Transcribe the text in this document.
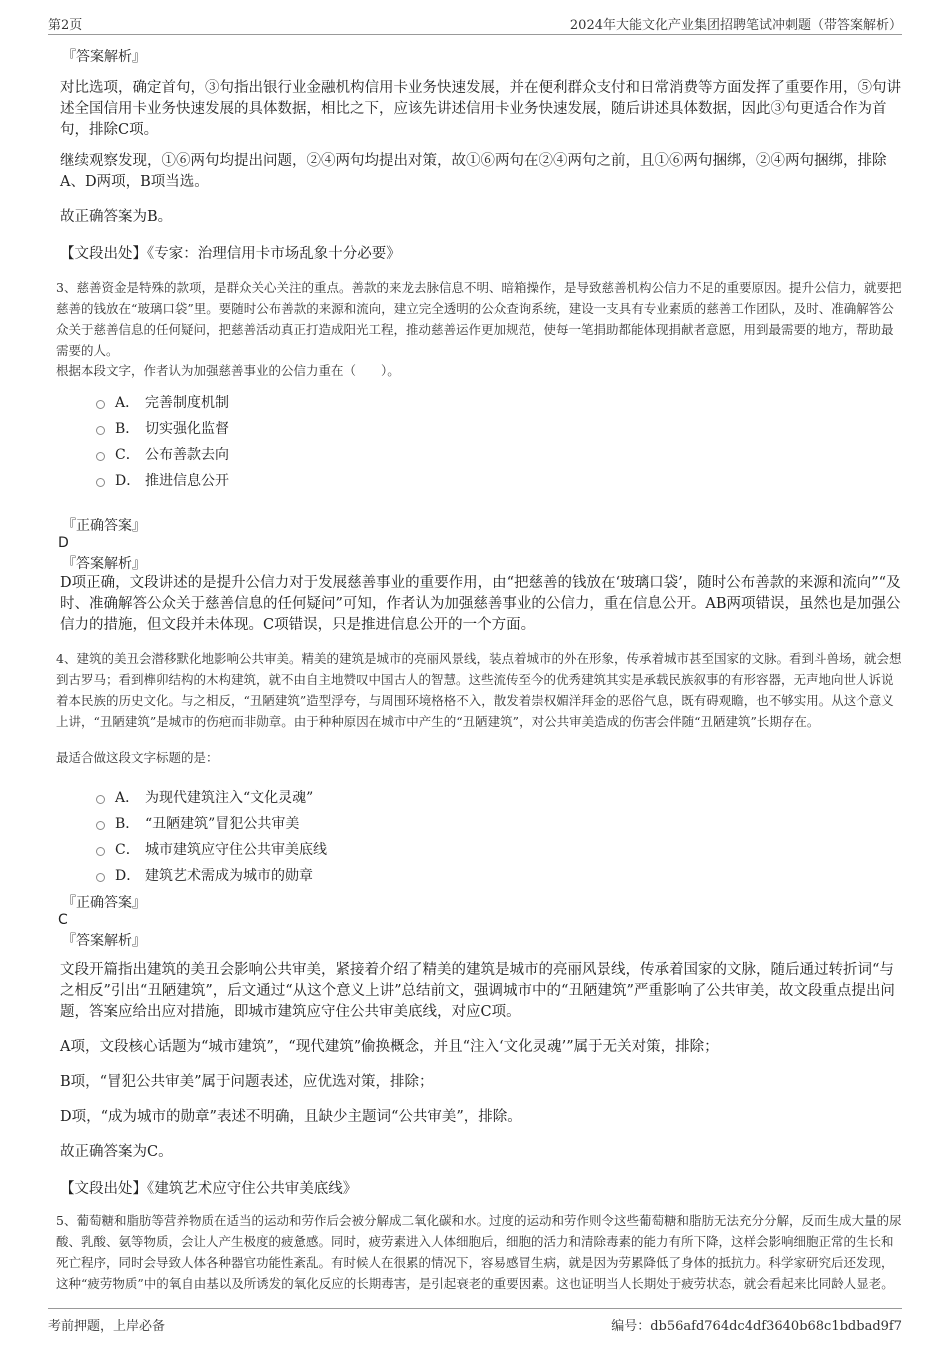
第2页	2024年大能文化产业集团招聘笔试冲刺题（带答案解析）
『答案解析』

对比选项，确定首句，③句指出银行业金融机构信用卡业务快速发展，并在便利群众支付和日常消费等方面发挥了重要作用，⑤句讲述全国信用卡业务快速发展的具体数据，相比之下，应该先讲述信用卡业务快速发展，随后讲述具体数据，因此③句更适合作为首句，排除C项。

继续观察发现，①⑥两句均提出问题，②④两句均提出对策，故①⑥两句在②④两句之前，且①⑥两句捆绑，②④两句捆绑，排除A、D两项，B项当选。

故正确答案为B。

【文段出处】《专家：治理信用卡市场乱象十分必要》

3、慈善资金是特殊的款项，是群众关心关注的重点。善款的来龙去脉信息不明、暗箱操作，是导致慈善机构公信力不足的重要原因。提升公信力，就要把慈善的钱放在“玻璃口袋”里。要随时公布善款的来源和流向，建立完全透明的公众查询系统，建设一支具有专业素质的慈善工作团队，及时、准确解答公众关于慈善信息的任何疑问，把慈善活动真正打造成阳光工程，推动慈善运作更加规范，使每一笔捐助都能体现捐献者意愿，用到最需要的地方，帮助最需要的人。

根据本段文字，作者认为加强慈善事业的公信力重在（　　）。

A． 完善制度机制
B． 切实强化监督
C． 公布善款去向
D． 推进信息公开
『正确答案』
D
『答案解析』

D项正确，文段讲述的是提升公信力对于发展慈善事业的重要作用，由“把慈善的钱放在‘玻璃口袋’，随时公布善款的来源和流向”“及时、准确解答公众关于慈善信息的任何疑问”可知，作者认为加强慈善事业的公信力，重在信息公开。AB两项错误，虽然也是加强公信力的措施，但文段并未体现。C项错误，只是推进信息公开的一个方面。

4、建筑的美丑会潜移默化地影响公共审美。精美的建筑是城市的亮丽风景线，装点着城市的外在形象，传承着城市甚至国家的文脉。看到斗兽场，就会想到古罗马；看到榫卯结构的木构建筑，就不由自主地赞叹中国古人的智慧。这些流传至今的优秀建筑其实是承载民族叙事的有形容器，无声地向世人诉说着本民族的历史文化。与之相反，“丑陋建筑”造型浮夸，与周围环境格格不入，散发着崇权媚洋拜金的恶俗气息，既有碍观瞻，也不够实用。从这个意义上讲，“丑陋建筑”是城市的伤疤而非勋章。由于种种原因在城市中产生的“丑陋建筑”，对公共审美造成的伤害会伴随“丑陋建筑”长期存在。

最适合做这段文字标题的是：

A． 为现代建筑注入“文化灵魂”
B． “丑陋建筑”冒犯公共审美
C． 城市建筑应守住公共审美底线
D． 建筑艺术需成为城市的勋章
『正确答案』
C
『答案解析』

文段开篇指出建筑的美丑会影响公共审美，紧接着介绍了精美的建筑是城市的亮丽风景线，传承着国家的文脉，随后通过转折词“与之相反”引出“丑陋建筑”，后文通过“从这个意义上讲”总结前文，强调城市中的“丑陋建筑”严重影响了公共审美，故文段重点提出问题，答案应给出应对措施，即城市建筑应守住公共审美底线，对应C项。

A项，文段核心话题为“城市建筑”，“现代建筑”偷换概念，并且“注入‘文化灵魂’”属于无关对策，排除；

B项，“冒犯公共审美”属于问题表述，应优选对策，排除；

D项，“成为城市的勋章”表述不明确，且缺少主题词“公共审美”，排除。

故正确答案为C。

【文段出处】《建筑艺术应守住公共审美底线》

5、葡萄糖和脂肪等营养物质在适当的运动和劳作后会被分解成二氧化碳和水。过度的运动和劳作则令这些葡萄糖和脂肪无法充分分解，反而生成大量的尿酸、乳酸、氨等物质，会让人产生极度的疲惫感。同时，疲劳素进入人体细胞后，细胞的活力和清除毒素的能力有所下降，这样会影响细胞正常的生长和死亡程序，同时会导致人体各种器官功能性紊乱。有时候人在很累的情况下，容易感冒生病，就是因为劳累降低了身体的抵抗力。科学家研究后还发现，这种“疲劳物质”中的氧自由基以及所诱发的氧化反应的长期毒害，是引起衰老的重要因素。这也证明当人长期处于疲劳状态，就会看起来比同龄人显老。

考前押题，上岸必备	编号：db56afd764dc4df3640b68c1bdbad9f7
